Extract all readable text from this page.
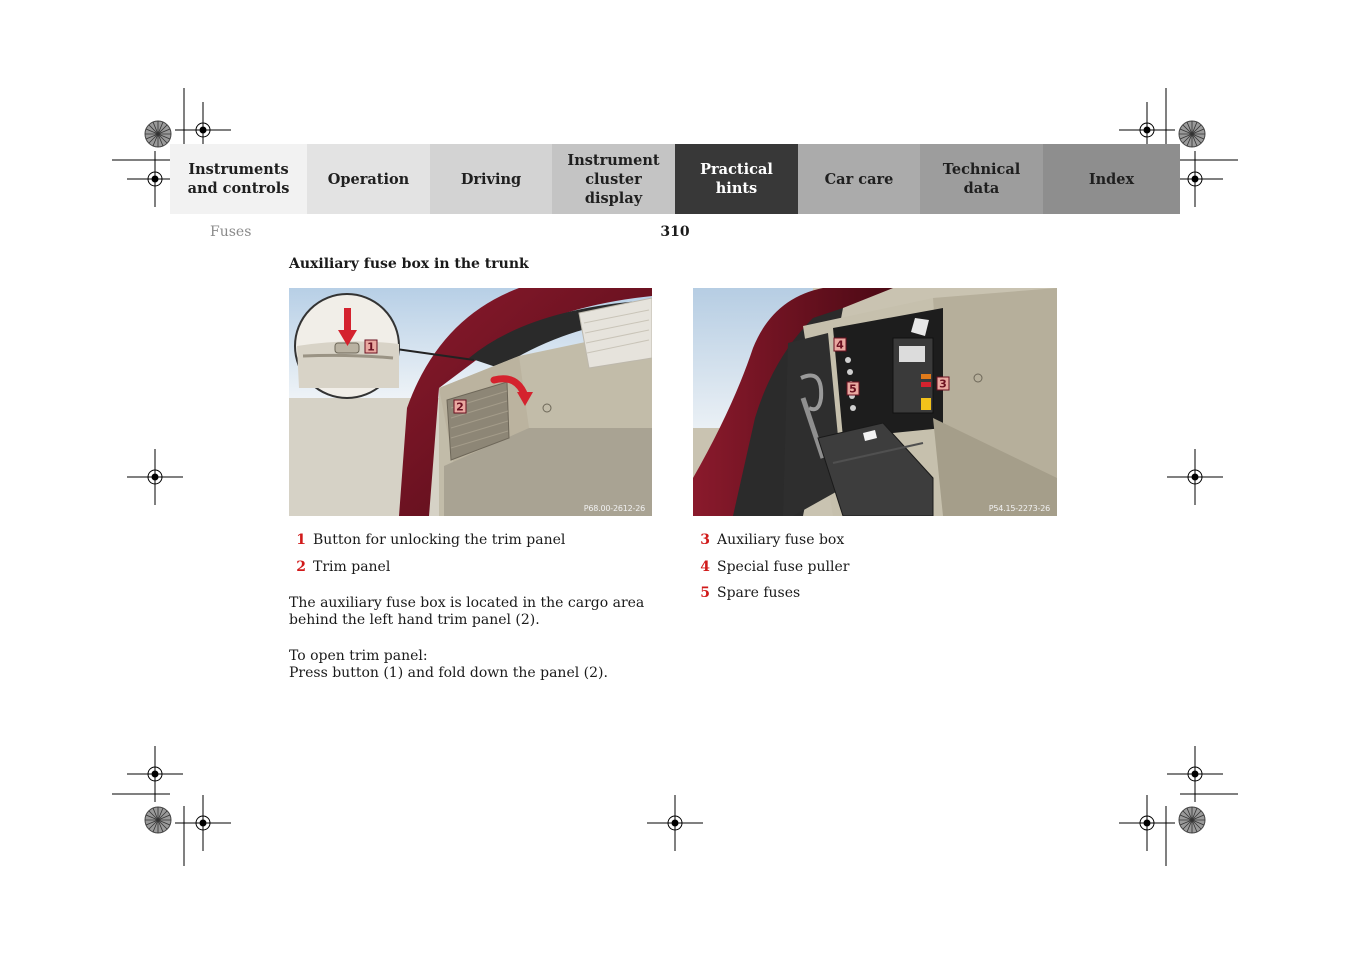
Instruments
and controls
Operation	Driving
Instrument
cluster display
Practical hints
Car care
Technical
data
Index
Fuses	310
Auxiliary fuse box in the trunk
1
2
P68.00-2612-26
4
5	3
P54.15-2273-26
1 Button for unlocking the trim panel
2 Trim panel
3 Auxiliary fuse box
4 Special fuse puller
5 Spare fuses
The auxiliary fuse box is located in the cargo area
behind the left hand trim panel (2).
To open trim panel:
Press button (1) and fold down the panel (2).
